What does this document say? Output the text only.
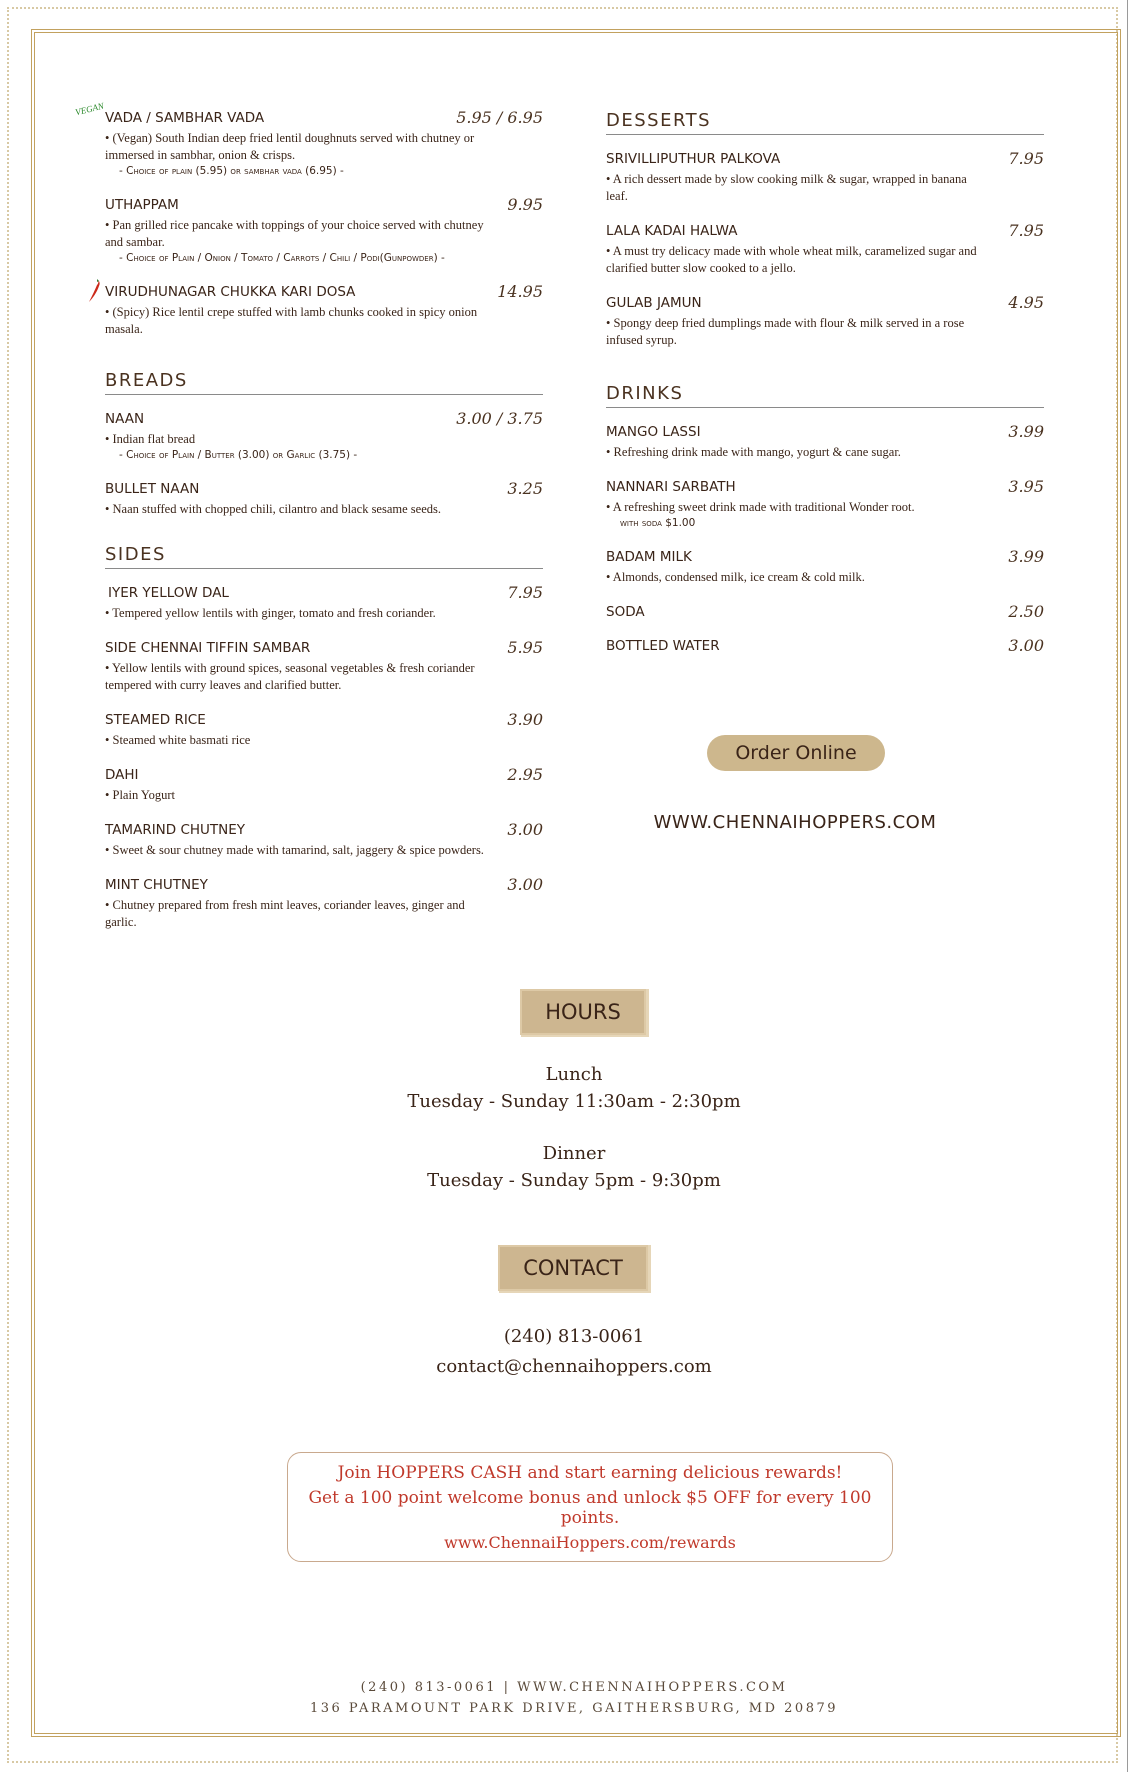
VEGAN
VADA / SAMBHAR VADA	5.95 / 6.95
• (Vegan) South Indian deep fried lentil doughnuts served with chutney or immersed in sambhar, onion & crisps.
- Choice of plain (5.95) or sambhar vada (6.95) -
UTHAPPAM	9.95
• Pan grilled rice pancake with toppings of your choice served with chutney and sambar.
- Choice of Plain / Onion / Tomato / Carrots / Chili / Podi(Gunpowder) -
VIRUDHUNAGAR CHUKKA KARI DOSA	14.95
• (Spicy) Rice lentil crepe stuffed with lamb chunks cooked in spicy onion masala.
BREADS
NAAN	3.00 / 3.75
• Indian flat bread
- Choice of Plain / Butter (3.00) or Garlic (3.75) -
BULLET NAAN	3.25
• Naan stuffed with chopped chili, cilantro and black sesame seeds.
SIDES
IYER YELLOW DAL	7.95
• Tempered yellow lentils with ginger, tomato and fresh coriander.
SIDE CHENNAI TIFFIN SAMBAR	5.95
• Yellow lentils with ground spices, seasonal vegetables & fresh coriander tempered with curry leaves and clarified butter.
STEAMED RICE	3.90
• Steamed white basmati rice
DAHI	2.95
• Plain Yogurt
TAMARIND CHUTNEY	3.00
• Sweet & sour chutney made with tamarind, salt, jaggery & spice powders.
MINT CHUTNEY	3.00
• Chutney prepared from fresh mint leaves, coriander leaves, ginger and garlic.
DESSERTS
SRIVILLIPUTHUR PALKOVA	7.95
• A rich dessert made by slow cooking milk & sugar, wrapped in banana leaf.
LALA KADAI HALWA	7.95
• A must try delicacy made with whole wheat milk, caramelized sugar and clarified butter slow cooked to a jello.
GULAB JAMUN	4.95
• Spongy deep fried dumplings made with flour & milk served in a rose infused syrup.
DRINKS
MANGO LASSI	3.99
• Refreshing drink made with mango, yogurt & cane sugar.
NANNARI SARBATH	3.95
• A refreshing sweet drink made with traditional Wonder root.
with soda $1.00
BADAM MILK	3.99
• Almonds, condensed milk, ice cream & cold milk.
SODA	2.50
BOTTLED WATER	3.00
Order Online
WWW.CHENNAIHOPPERS.COM
HOURS
Lunch
Tuesday - Sunday 11:30am - 2:30pm
Dinner
Tuesday - Sunday 5pm - 9:30pm
CONTACT
(240) 813-0061
contact@chennaihoppers.com
Join HOPPERS CASH and start earning delicious rewards!
Get a 100 point welcome bonus and unlock $5 OFF for every 100 points.
www.ChennaiHoppers.com/rewards
(240) 813-0061 | WWW.CHENNAIHOPPERS.COM
136 PARAMOUNT PARK DRIVE, GAITHERSBURG, MD 20879
